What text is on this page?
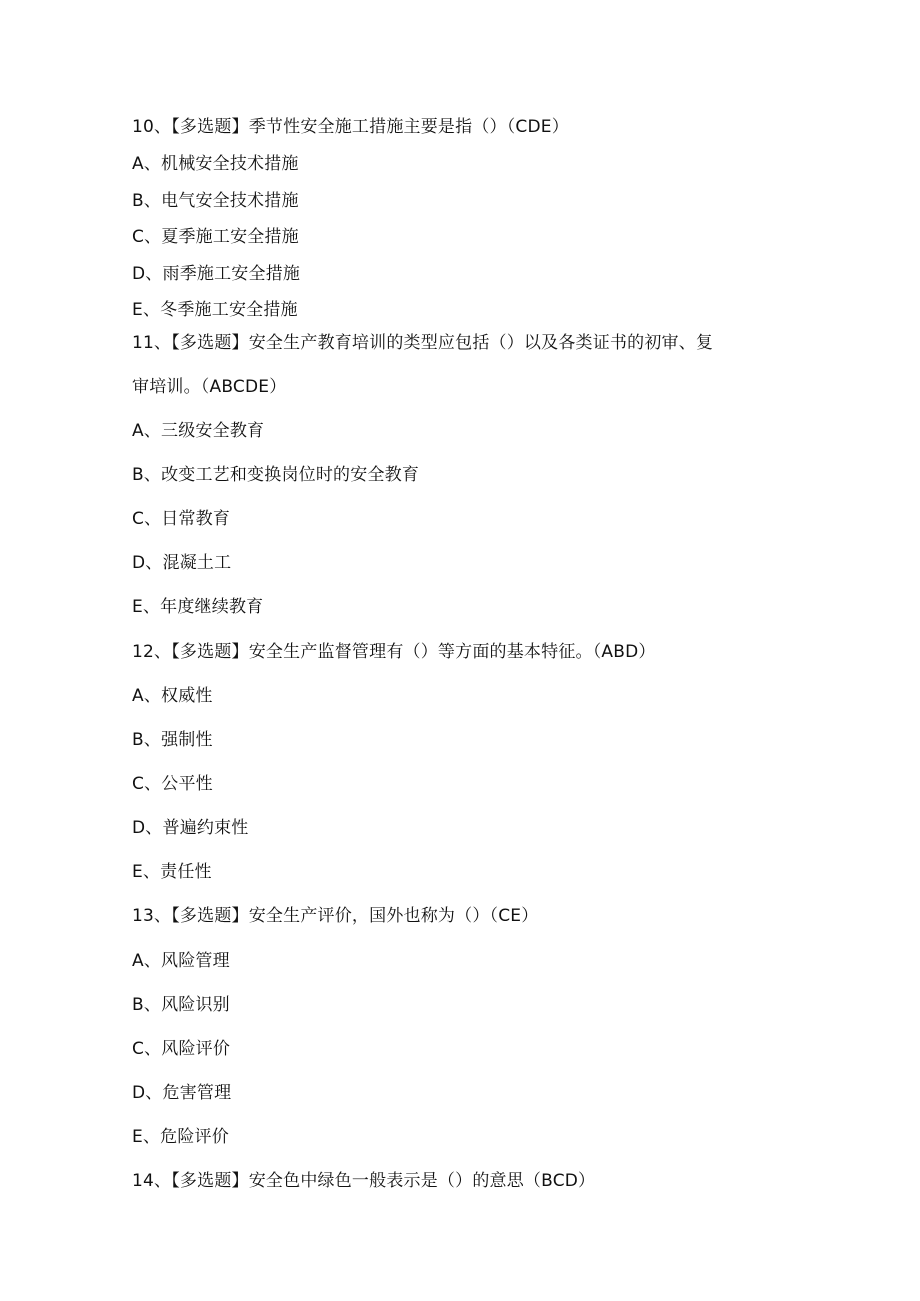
10、【多选题】季节性安全施工措施主要是指（）（CDE）
A、机械安全技术措施
B、电气安全技术措施
C、夏季施工安全措施
D、雨季施工安全措施
E、冬季施工安全措施
11、【多选题】安全生产教育培训的类型应包括（）以及各类证书的初审、复
审培训。（ABCDE）
A、三级安全教育
B、改变工艺和变换岗位时的安全教育
C、日常教育
D、混凝土工
E、年度继续教育
12、【多选题】安全生产监督管理有（）等方面的基本特征。（ABD）
A、权威性
B、强制性
C、公平性
D、普遍约束性
E、责任性
13、【多选题】安全生产评价，国外也称为（）（CE）
A、风险管理
B、风险识别
C、风险评价
D、危害管理
E、危险评价
14、【多选题】安全色中绿色一般表示是（）的意思（BCD）
